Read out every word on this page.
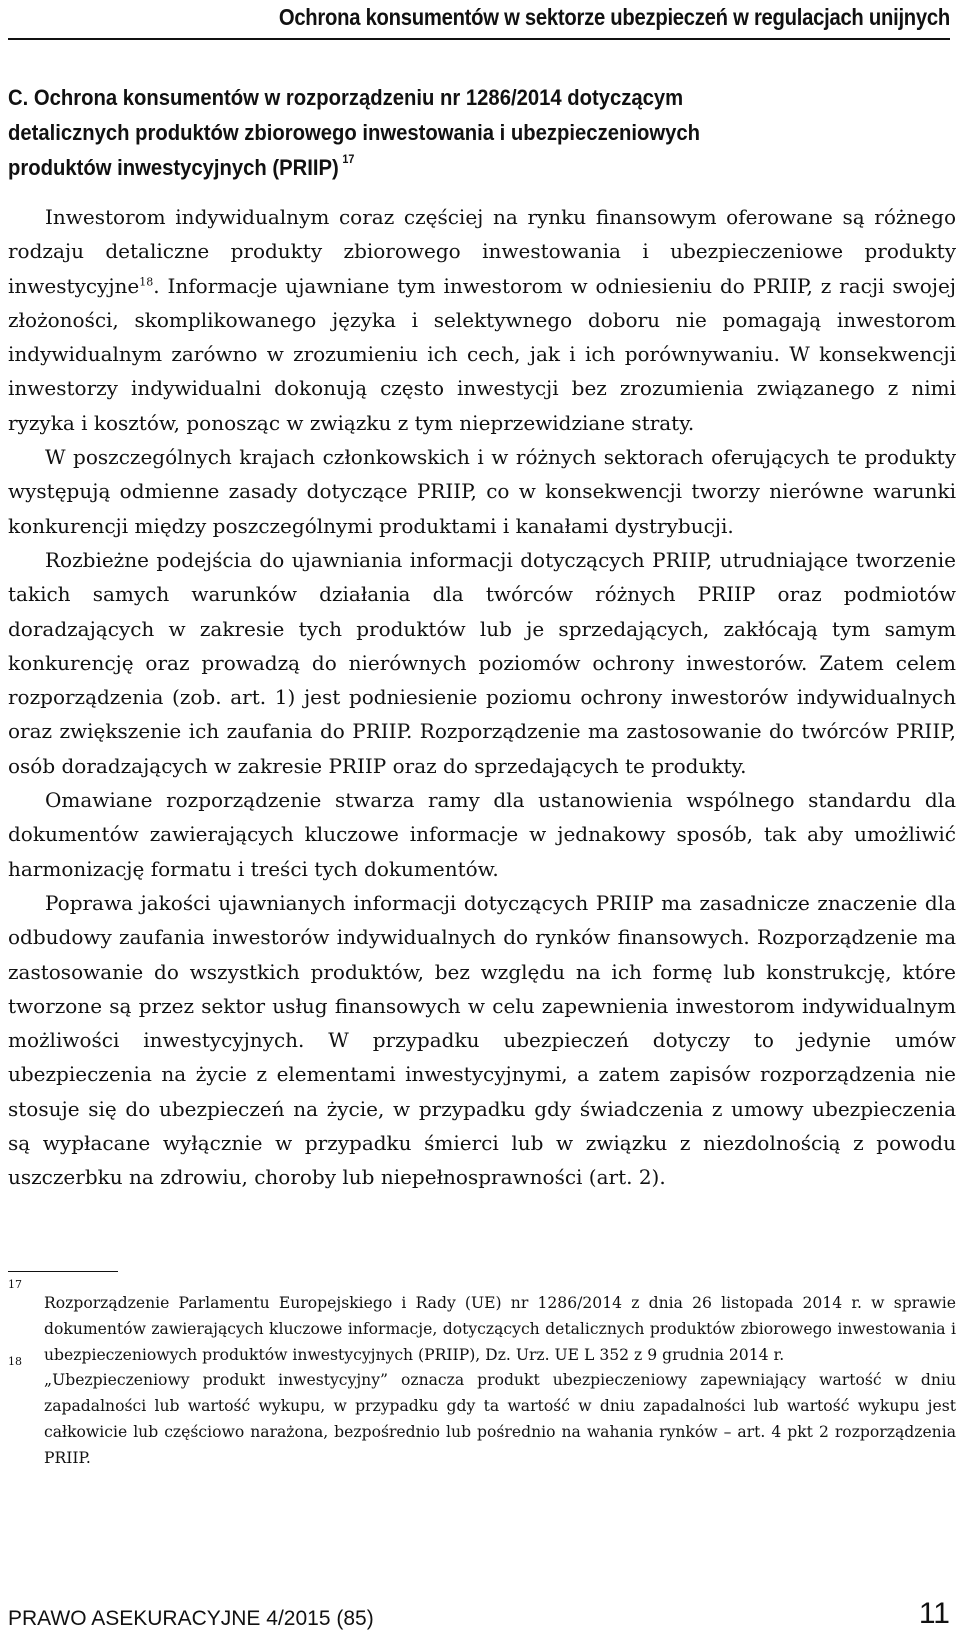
Ochrona konsumentów w sektorze ubezpieczeń w regulacjach unijnych
C. Ochrona konsumentów w rozporządzeniu nr 1286/2014 dotyczącym detalicznych produktów zbiorowego inwestowania i ubezpieczeniowych produktów inwestycyjnych (PRIIP) $^{17}$

Inwestorom indywidualnym coraz częściej na rynku finansowym oferowane są różnego rodzaju detaliczne produkty zbiorowego inwestowania i ubezpieczeniowe produkty inwestycyjne$^{18}$. Informacje ujawniane tym inwestorom w odniesieniu do PRIIP, z racji swojej złożoności, skomplikowanego języka i selektywnego doboru nie pomagają inwestorom indywidualnym zarówno w zrozumieniu ich cech, jak i ich porównywaniu. W konsekwencji inwestorzy indywidualni dokonują często inwestycji bez zrozumienia związanego z nimi ryzyka i kosztów, ponosząc w związku z tym nieprzewidziane straty.

W poszczególnych krajach członkowskich i w różnych sektorach oferujących te produkty występują odmienne zasady dotyczące PRIIP, co w konsekwencji tworzy nierówne warunki konkurencji między poszczególnymi produktami i kanałami dystrybucji.

Rozbieżne podejścia do ujawniania informacji dotyczących PRIIP, utrudniające tworzenie takich samych warunków działania dla twórców różnych PRIIP oraz podmiotów doradzających w zakresie tych produktów lub je sprzedających, zakłócają tym samym konkurencję oraz prowadzą do nierównych poziomów ochrony inwestorów. Zatem celem rozporządzenia (zob. art. 1) jest podniesienie poziomu ochrony inwestorów indywidualnych oraz zwiększenie ich zaufania do PRIIP. Rozporządzenie ma zastosowanie do twórców PRIIP, osób doradzających w zakresie PRIIP oraz do sprzedających te produkty.

Omawiane rozporządzenie stwarza ramy dla ustanowienia wspólnego standardu dla dokumentów zawierających kluczowe informacje w jednakowy sposób, tak aby umożliwić harmonizację formatu i treści tych dokumentów.

Poprawa jakości ujawnianych informacji dotyczących PRIIP ma zasadnicze znaczenie dla odbudowy zaufania inwestorów indywidualnych do rynków finansowych. Rozporządzenie ma zastosowanie do wszystkich produktów, bez względu na ich formę lub konstrukcję, które tworzone są przez sektor usług finansowych w celu zapewnienia inwestorom indywidualnym możliwości inwestycyjnych. W przypadku ubezpieczeń dotyczy to jedynie umów ubezpieczenia na życie z elementami inwestycyjnymi, a zatem zapisów rozporządzenia nie stosuje się do ubezpieczeń na życie, w przypadku gdy świadczenia z umowy ubezpieczenia są wypłacane wyłącznie w przypadku śmierci lub w związku z niezdolnością z powodu uszczerbku na zdrowiu, choroby lub niepełnosprawności (art. 2).

17
Rozporządzenie Parlamentu Europejskiego i Rady (UE) nr 1286/2014 z dnia 26 listopada 2014 r. w sprawie dokumentów zawierających kluczowe informacje, dotyczących detalicznych produktów zbiorowego inwestowania i ubezpieczeniowych produktów inwestycyjnych (PRIIP), Dz. Urz. UE L 352 z 9 grudnia 2014 r.

18
„Ubezpieczeniowy produkt inwestycyjny” oznacza produkt ubezpieczeniowy zapewniający wartość w dniu zapadalności lub wartość wykupu, w przypadku gdy ta wartość w dniu zapadalności lub wartość wykupu jest całkowicie lub częściowo narażona, bezpośrednio lub pośrednio na wahania rynków – art. 4 pkt 2 rozporządzenia PRIIP.

PRAWO ASEKURACYJNE 4/2015 (85)	11
